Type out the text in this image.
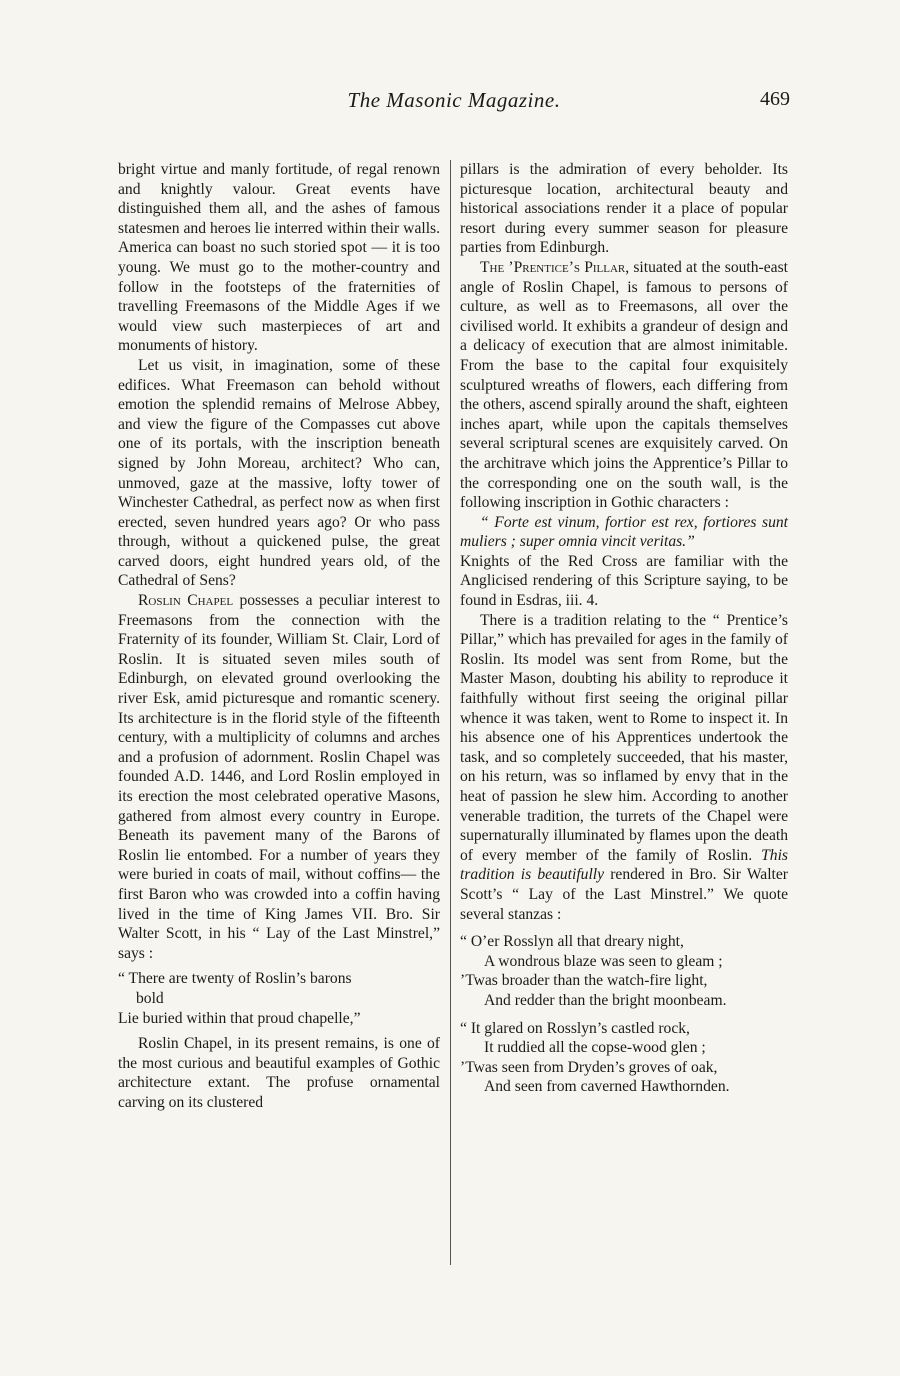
The Masonic Magazine.	469

bright virtue and manly fortitude, of regal renown and knightly valour. Great events have distinguished them all, and the ashes of famous statesmen and heroes lie interred within their walls. America can boast no such storied spot — it is too young. We must go to the mother-country and follow in the footsteps of the fraternities of travelling Freemasons of the Middle Ages if we would view such masterpieces of art and monuments of history.

Let us visit, in imagination, some of these edifices. What Freemason can behold without emotion the splendid remains of Melrose Abbey, and view the figure of the Compasses cut above one of its portals, with the inscription beneath signed by John Moreau, architect? Who can, unmoved, gaze at the massive, lofty tower of Winchester Cathedral, as perfect now as when first erected, seven hundred years ago? Or who pass through, without a quickened pulse, the great carved doors, eight hundred years old, of the Cathedral of Sens?

Roslin Chapel possesses a peculiar interest to Freemasons from the connection with the Fraternity of its founder, William St. Clair, Lord of Roslin. It is situated seven miles south of Edinburgh, on elevated ground overlooking the river Esk, amid picturesque and romantic scenery. Its architecture is in the florid style of the fifteenth century, with a multiplicity of columns and arches and a profusion of adornment. Roslin Chapel was founded A.D. 1446, and Lord Roslin employed in its erection the most celebrated operative Masons, gathered from almost every country in Europe. Beneath its pavement many of the Barons of Roslin lie entombed. For a number of years they were buried in coats of mail, without coffins— the first Baron who was crowded into a coffin having lived in the time of King James VII. Bro. Sir Walter Scott, in his “ Lay of the Last Minstrel,” says :

“ There are twenty of Roslin’s barons
bold
Lie buried within that proud chapelle,”

Roslin Chapel, in its present remains, is one of the most curious and beautiful examples of Gothic architecture extant. The profuse ornamental carving on its clustered

pillars is the admiration of every beholder. Its picturesque location, architectural beauty and historical associations render it a place of popular resort during every summer season for pleasure parties from Edinburgh.

The ’Prentice’s Pillar, situated at the south-east angle of Roslin Chapel, is famous to persons of culture, as well as to Freemasons, all over the civilised world. It exhibits a grandeur of design and a delicacy of execution that are almost inimitable. From the base to the capital four exquisitely sculptured wreaths of flowers, each differing from the others, ascend spirally around the shaft, eighteen inches apart, while upon the capitals themselves several scriptural scenes are exquisitely carved. On the architrave which joins the Apprentice’s Pillar to the corresponding one on the south wall, is the following inscription in Gothic characters :

“ Forte est vinum, fortior est rex, fortiores sunt muliers ; super omnia vincit veritas.”

Knights of the Red Cross are familiar with the Anglicised rendering of this Scripture saying, to be found in Esdras, iii. 4.

There is a tradition relating to the “ Prentice’s Pillar,” which has prevailed for ages in the family of Roslin. Its model was sent from Rome, but the Master Mason, doubting his ability to reproduce it faithfully without first seeing the original pillar whence it was taken, went to Rome to inspect it. In his absence one of his Apprentices undertook the task, and so completely succeeded, that his master, on his return, was so inflamed by envy that in the heat of passion he slew him. According to another venerable tradition, the turrets of the Chapel were supernaturally illuminated by flames upon the death of every member of the family of Roslin. This tradition is beautifully rendered in Bro. Sir Walter Scott’s “ Lay of the Last Minstrel.” We quote several stanzas :

“ O’er Rosslyn all that dreary night,
A wondrous blaze was seen to gleam ;
’Twas broader than the watch-fire light,
And redder than the bright moonbeam.
“ It glared on Rosslyn’s castled rock,
It ruddied all the copse-wood glen ;
’Twas seen from Dryden’s groves of oak,
And seen from caverned Hawthornden.
